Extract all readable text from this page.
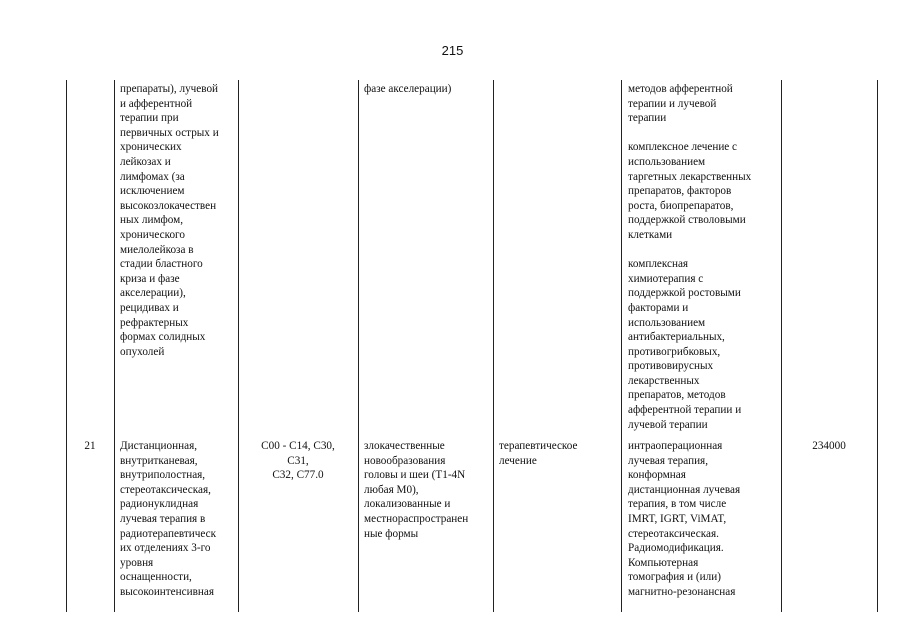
215
препараты), лучевой
и афферентной
терапии при
первичных острых и
хронических
лейкозах и
лимфомах (за
исключением
высокозлокачествен
ных лимфом,
хронического
миелолейкоза в
стадии бластного
криза и фазе
акселерации),
рецидивах и
рефрактерных
формах солидных
опухолей
фазе акселерации)	методов афферентной
терапии и лучевой
терапии

комплексное лечение с
использованием
таргетных лекарственных
препаратов, факторов
роста, биопрепаратов,
поддержкой стволовыми
клетками

комплексная
химиотерапия с
поддержкой ростовыми
факторами и
использованием
антибактериальных,
противогрибковых,
противовирусных
лекарственных
препаратов, методов
афферентной терапии и
лучевой терапии
21	Дистанционная,
внутритканевая,
внутриполостная,
стереотаксическая,
радионуклидная
лучевая терапия в
радиотерапевтическ
их отделениях 3-го
уровня
оснащенности,
высокоинтенсивная
C00 - C14, C30,
C31,
C32, C77.0
злокачественные
новообразования
головы и шеи (T1-4N
любая M0),
локализованные и
местнораспространен
ные формы
терапевтическое
лечение
интраоперационная
лучевая терапия,
конформная
дистанционная лучевая
терапия, в том числе
IMRT, IGRT, ViMAT,
стереотаксическая.
Радиомодификация.
Компьютерная
томография и (или)
магнитно-резонансная
234000
